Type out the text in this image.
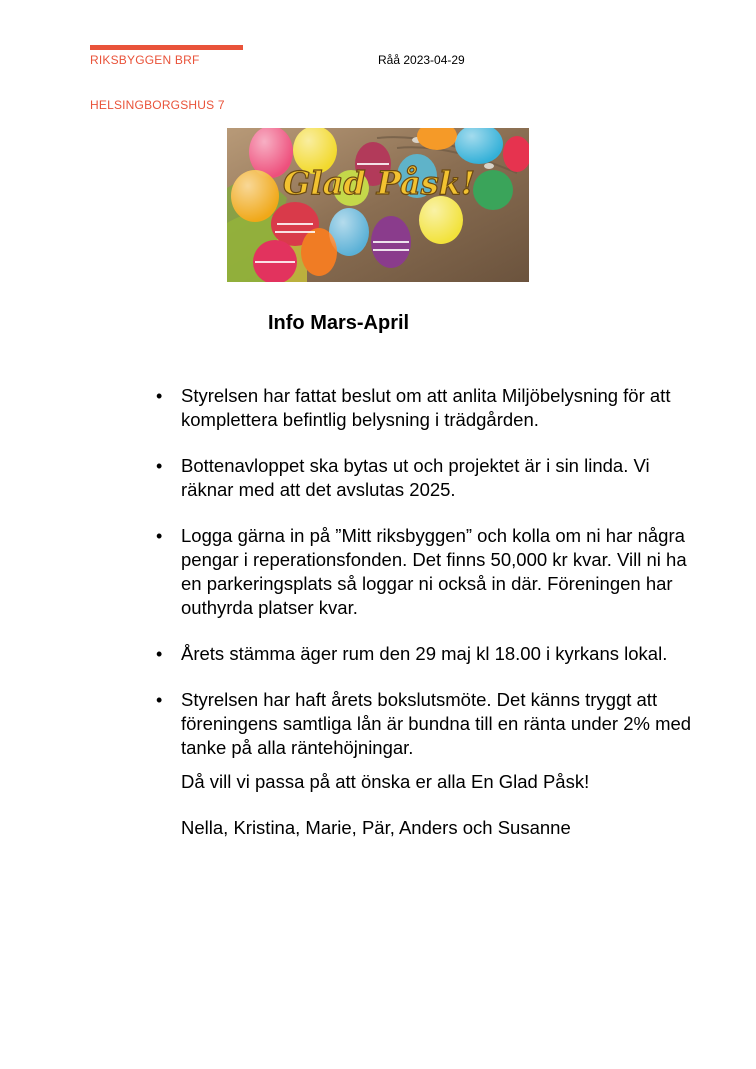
RIKSBYGGEN BRF	Råå 2023-04-29
HELSINGBORGSHUS 7
Glad Påsk!
Info Mars-April
• Styrelsen har fattat beslut om att anlita Miljöbelysning för att komplettera befintlig belysning i trädgården.
• Bottenavloppet ska bytas ut och projektet är i sin linda. Vi räknar med att det avslutas 2025.
• Logga gärna in på ”Mitt riksbyggen” och kolla om ni har några pengar i reperationsfonden. Det finns 50,000 kr kvar. Vill ni ha en parkeringsplats så loggar ni också in där. Föreningen har outhyrda platser kvar.
• Årets stämma äger rum den 29 maj kl 18.00 i kyrkans lokal.
• Styrelsen har haft årets bokslutsmöte. Det känns tryggt att föreningens samtliga lån är bundna till en ränta under 2% med tanke på alla räntehöjningar.
Då vill vi passa på att önska er alla En Glad Påsk!
Nella, Kristina, Marie, Pär, Anders och Susanne
